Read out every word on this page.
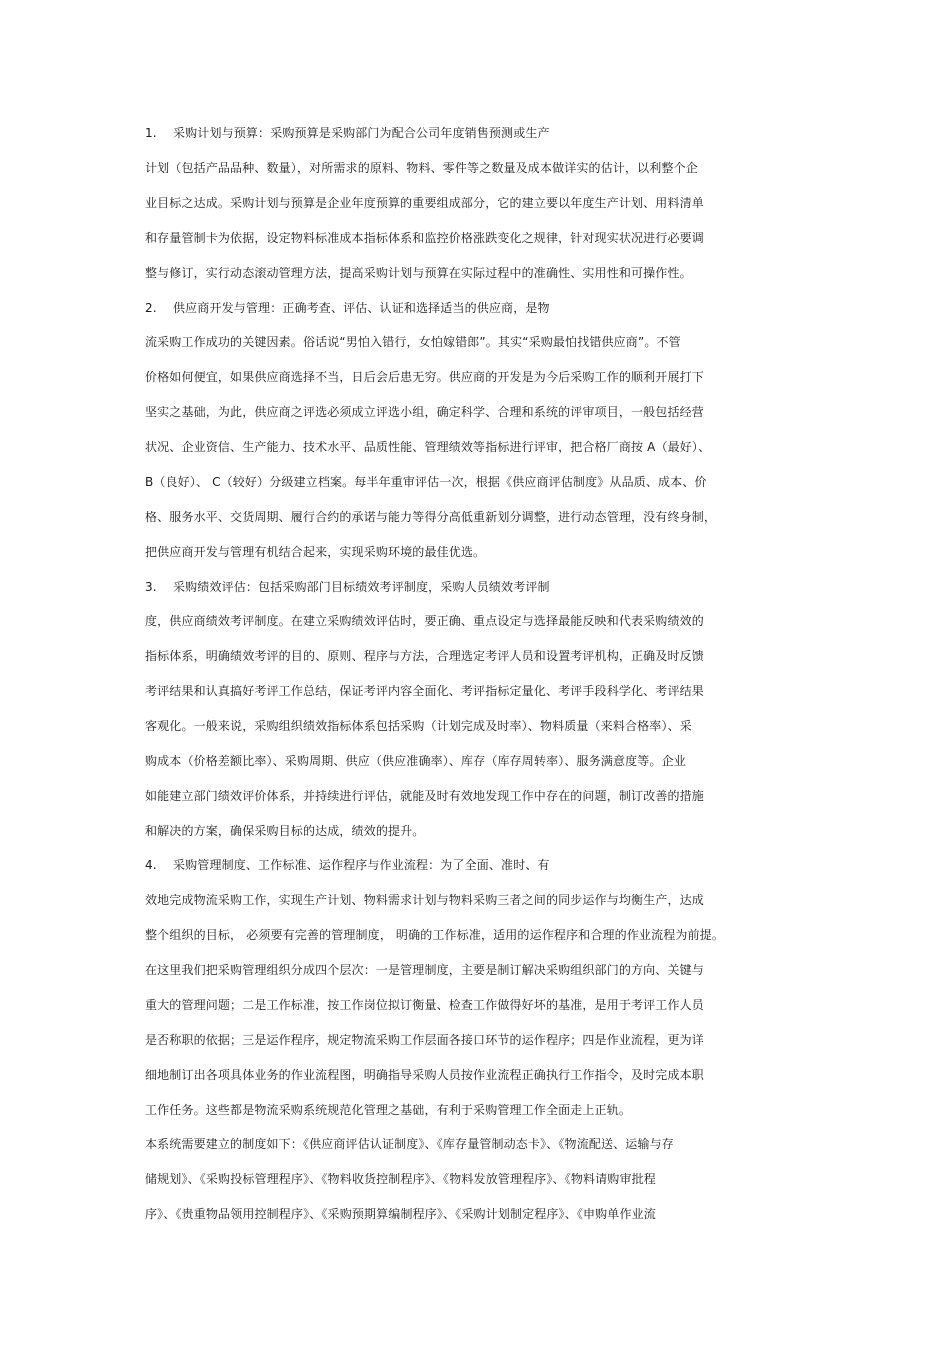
1. 采购计划与预算：采购预算是采购部门为配合公司年度销售预测或生产
计划（包括产品品种、数量），对所需求的原料、物料、零件等之数量及成本做详实的估计，以利整个企
业目标之达成。采购计划与预算是企业年度预算的重要组成部分，它的建立要以年度生产计划、用料清单
和存量管制卡为依据，设定物料标准成本指标体系和监控价格涨跌变化之规律，针对现实状况进行必要调
整与修订，实行动态滚动管理方法，提高采购计划与预算在实际过程中的准确性、实用性和可操作性。
2. 供应商开发与管理：正确考查、评估、认证和选择适当的供应商，是物
流采购工作成功的关键因素。俗话说“男怕入错行，女怕嫁错郎”。其实“采购最怕找错供应商”。不管
价格如何便宜，如果供应商选择不当，日后会后患无穷。供应商的开发是为今后采购工作的顺利开展打下
坚实之基础，为此，供应商之评选必须成立评选小组，确定科学、合理和系统的评审项目，一般包括经营
状况、企业资信、生产能力、技术水平、品质性能、管理绩效等指标进行评审，把合格厂商按 A（最好）、
B（良好）、 C（较好）分级建立档案。每半年重审评估一次，根据《供应商评估制度》从品质、成本、价
格、服务水平、交货周期、履行合约的承诺与能力等得分高低重新划分调整，进行动态管理，没有终身制，
把供应商开发与管理有机结合起来，实现采购环境的最佳优选。
3. 采购绩效评估：包括采购部门目标绩效考评制度，采购人员绩效考评制
度，供应商绩效考评制度。在建立采购绩效评估时，要正确、重点设定与选择最能反映和代表采购绩效的
指标体系，明确绩效考评的目的、原则、程序与方法，合理选定考评人员和设置考评机构，正确及时反馈
考评结果和认真搞好考评工作总结，保证考评内容全面化、考评指标定量化、考评手段科学化、考评结果
客观化。一般来说，采购组织绩效指标体系包括采购（计划完成及时率）、物料质量（来料合格率）、采
购成本（价格差额比率）、采购周期、供应（供应准确率）、库存（库存周转率）、服务满意度等。企业
如能建立部门绩效评价体系，并持续进行评估，就能及时有效地发现工作中存在的问题，制订改善的措施
和解决的方案，确保采购目标的达成，绩效的提升。
4. 采购管理制度、工作标准、运作程序与作业流程：为了全面、准时、有
效地完成物流采购工作，实现生产计划、物料需求计划与物料采购三者之间的同步运作与均衡生产，达成
整个组织的目标， 必须要有完善的管理制度， 明确的工作标准，适用的运作程序和合理的作业流程为前提。
在这里我们把采购管理组织分成四个层次：一是管理制度，主要是制订解决采购组织部门的方向、关键与
重大的管理问题；二是工作标准，按工作岗位拟订衡量、检查工作做得好坏的基准，是用于考评工作人员
是否称职的依据；三是运作程序，规定物流采购工作层面各接口环节的运作程序；四是作业流程，更为详
细地制订出各项具体业务的作业流程图，明确指导采购人员按作业流程正确执行工作指令，及时完成本职
工作任务。这些都是物流采购系统规范化管理之基础，有利于采购管理工作全面走上正轨。
本系统需要建立的制度如下：《供应商评估认证制度》、《库存量管制动态卡》、《物流配送、运输与存
储规划》、《采购投标管理程序》、《物料收货控制程序》、《物料发放管理程序》、《物料请购审批程
序》、《贵重物品领用控制程序》、《采购预期算编制程序》、《采购计划制定程序》、《申购单作业流
